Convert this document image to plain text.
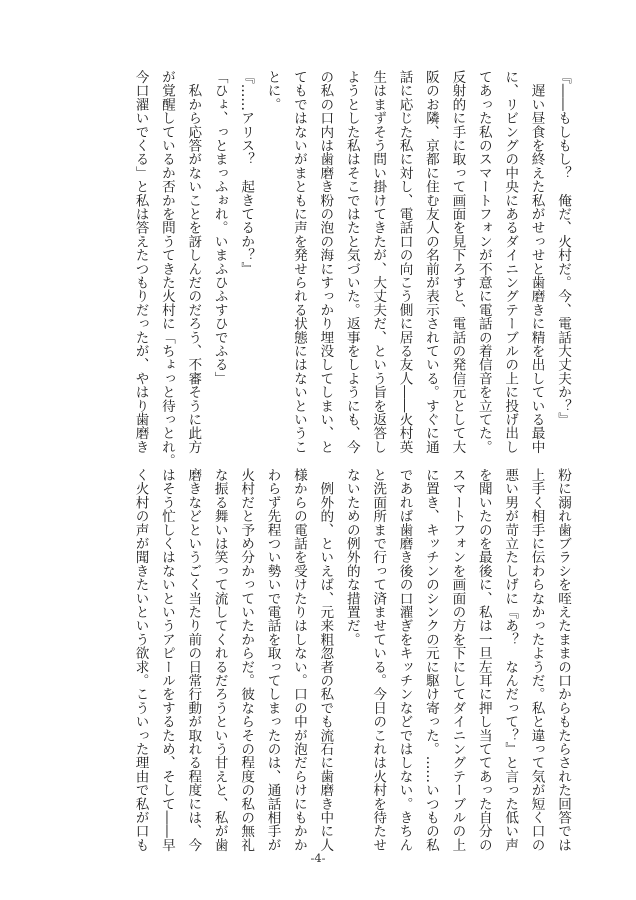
『――もしもし？　俺だ、火村だ。今、電話大丈夫か？』
　遅い昼食を終えた私がせっせと歯磨きに精を出している最中
に、リビングの中央にあるダイニングテーブルの上に投げ出し
てあった私のスマートフォンが不意に電話の着信音を立てた。
反射的に手に取って画面を見下ろすと、電話の発信元として大
阪のお隣、京都に住む友人の名前が表示されている。すぐに通
話に応じた私に対し、電話口の向こう側に居る友人――火村英
生はまずそう問い掛けてきたが、大丈夫だ、という旨を返答し
ようとした私はそこではたと気づいた。返事をしようにも、今
の私の口内は歯磨き粉の泡の海にすっかり埋没してしまい、と
てもではないがまともに声を発せられる状態にはないというこ
とに。
『……アリス？　起きてるか？』
「ひょ、っとまっふぉれ。いまふひふすひでふる」
　私から応答がないことを訝しんだのだろう、不審そうに此方
が覚醒しているか否かを問うてきた火村に「ちょっと待っとれ。
今口濯いでくる」と私は答えたつもりだったが、やはり歯磨き
粉に溺れ歯ブラシを咥えたままの口からもたらされた回答では
上手く相手に伝わらなかったようだ。私と違って気が短く口の
悪い男が苛立たしげに『あ？　なんだって？』と言った低い声
を聞いたのを最後に、私は一旦左耳に押し当ててあった自分の
スマートフォンを画面の方を下にしてダイニングテーブルの上
に置き、キッチンのシンクの元に駆け寄った。……いつもの私
であれば歯磨き後の口濯ぎをキッチンなどではしない。きちん
と洗面所まで行って済ませている。今日のこれは火村を待たせ
ないための例外的な措置だ。
　例外的、といえば、元来粗忽者の私でも流石に歯磨き中に人
様からの電話を受けたりはしない。口の中が泡だらけにもかか
わらず先程つい勢いで電話を取ってしまったのは、通話相手が
火村だと予め分かっていたからだ。彼ならその程度の私の無礼
な振る舞いは笑って流してくれるだろうという甘えと、私が歯
磨きなどというごく当たり前の日常行動が取れる程度には、今
はそう忙しくはないというアピールをするため、そして――早
く火村の声が聞きたいという欲求。こういった理由で私が口も
-4-
